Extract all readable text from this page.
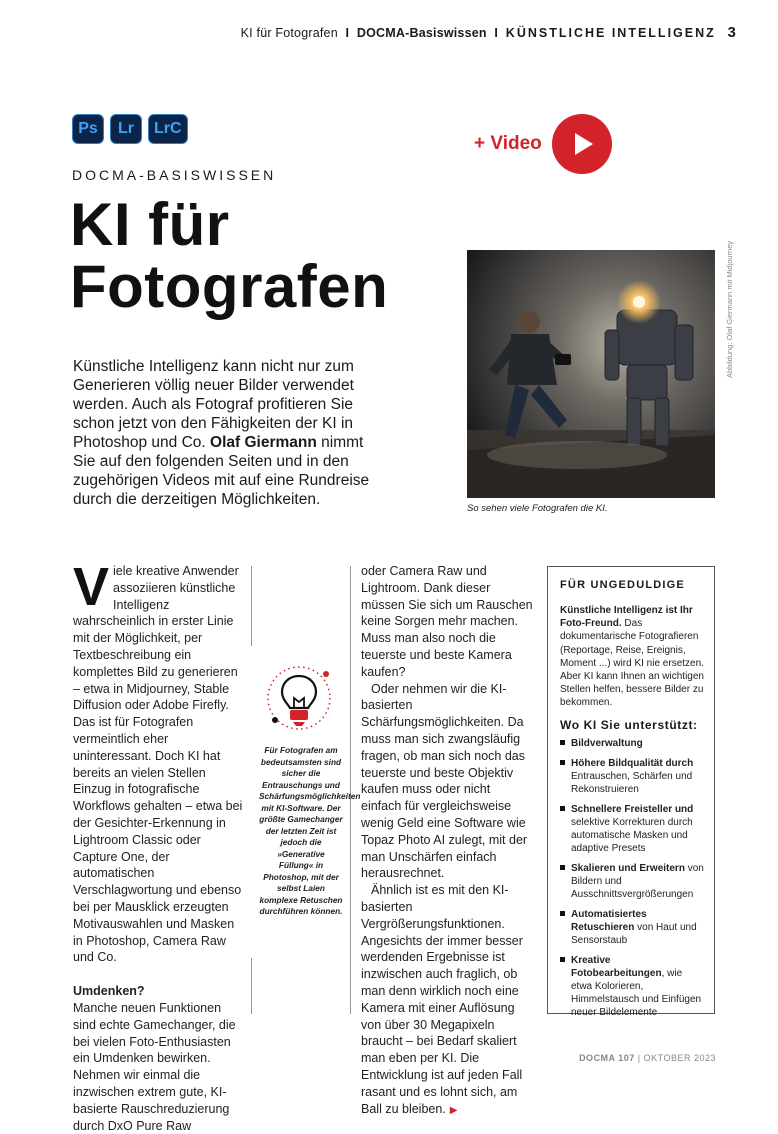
KI für Fotografen I DOCMA-Basiswissen I KÜNSTLICHE INTELLIGENZ 3
Ps	Lr	LrC
+ Video
DOCMA-BASISWISSEN
KI für
Fotografen
Künstliche Intelligenz kann nicht nur zum Generieren völlig neuer Bilder verwendet werden. Auch als Fotograf profitieren Sie schon jetzt von den Fähigkeiten der KI in Photoshop und Co. Olaf Giermann nimmt Sie auf den folgenden Seiten und in den zugehörigen Videos mit auf eine Rundreise durch die derzeitigen Möglichkeiten.
So sehen viele Fotografen die KI.
Abbildung: Olaf Giermann mit Midjourney

Viele kreative Anwender assoziieren künstliche Intelligenz wahrscheinlich in erster Linie mit der Möglichkeit, per Textbeschreibung ein komplettes Bild zu generieren – etwa in Midjourney, Stable Diffusion oder Adobe Firefly. Das ist für Fotografen vermeintlich eher uninteressant. Doch KI hat bereits an vielen Stellen Einzug in fotografische Workflows gehalten – etwa bei der Gesichter-Erkennung in Lightroom Classic oder Capture One, der automatischen Verschlagwortung und ebenso bei per Mausklick erzeugten Motivauswahlen und Masken in Photoshop, Camera Raw und Co.

Umdenken?

Manche neuen Funktionen sind echte Gamechanger, die bei vielen Foto-Enthusiasten ein Umdenken bewirken. Nehmen wir einmal die inzwischen extrem gute, KI-basierte Rauschreduzierung durch DxO Pure Raw

Für Fotografen am bedeutsamsten sind sicher die Entrauschungs und Schärfungsmöglichkeiten mit KI-Software. Der größte Gamechanger der letzten Zeit ist jedoch die »Generative Füllung« in Photoshop, mit der selbst Laien komplexe Retuschen durchführen können.

oder Camera Raw und Lightroom. Dank dieser müssen Sie sich um Rauschen keine Sorgen mehr machen. Muss man also noch die teuerste und beste Kamera kaufen?

Oder nehmen wir die KI-basierten Schärfungsmöglichkeiten. Da muss man sich zwangsläufig fragen, ob man sich noch das teuerste und beste Objektiv kaufen muss oder nicht einfach für vergleichsweise wenig Geld eine Software wie Topaz Photo AI zulegt, mit der man Unschärfen einfach herausrechnet.

Ähnlich ist es mit den KI-basierten Vergrößerungsfunktionen. Angesichts der immer besser werdenden Ergebnisse ist inzwischen auch fraglich, ob man denn wirklich noch eine Kamera mit einer Auflösung von über 30 Megapixeln braucht – bei Bedarf skaliert man eben per KI. Die Entwicklung ist auf jeden Fall rasant und es lohnt sich, am Ball zu bleiben. ▶

FÜR UNGEDULDIGE
Künstliche Intelligenz ist Ihr Foto-Freund. Das dokumentarische Fotografieren (Reportage, Reise, Ereignis, Moment ...) wird KI nie ersetzen. Aber KI kann Ihnen an wichtigen Stellen helfen, bessere Bilder zu bekommen.
Wo KI Sie unterstützt:
Bildverwaltung
Höhere Bildqualität durch Entrauschen, Schärfen und Rekonstruieren
Schnellere Freisteller und selektive Korrekturen durch automatische Masken und adaptive Presets
Skalieren und Erweitern von Bildern und Ausschnittsvergrößerungen
Automatisiertes Retuschieren von Haut und Sensorstaub
Kreative Fotobearbeitungen, wie etwa Kolorieren, Himmelstausch und Einfügen neuer Bildelemente
DOCMA 107 | OKTOBER 2023
